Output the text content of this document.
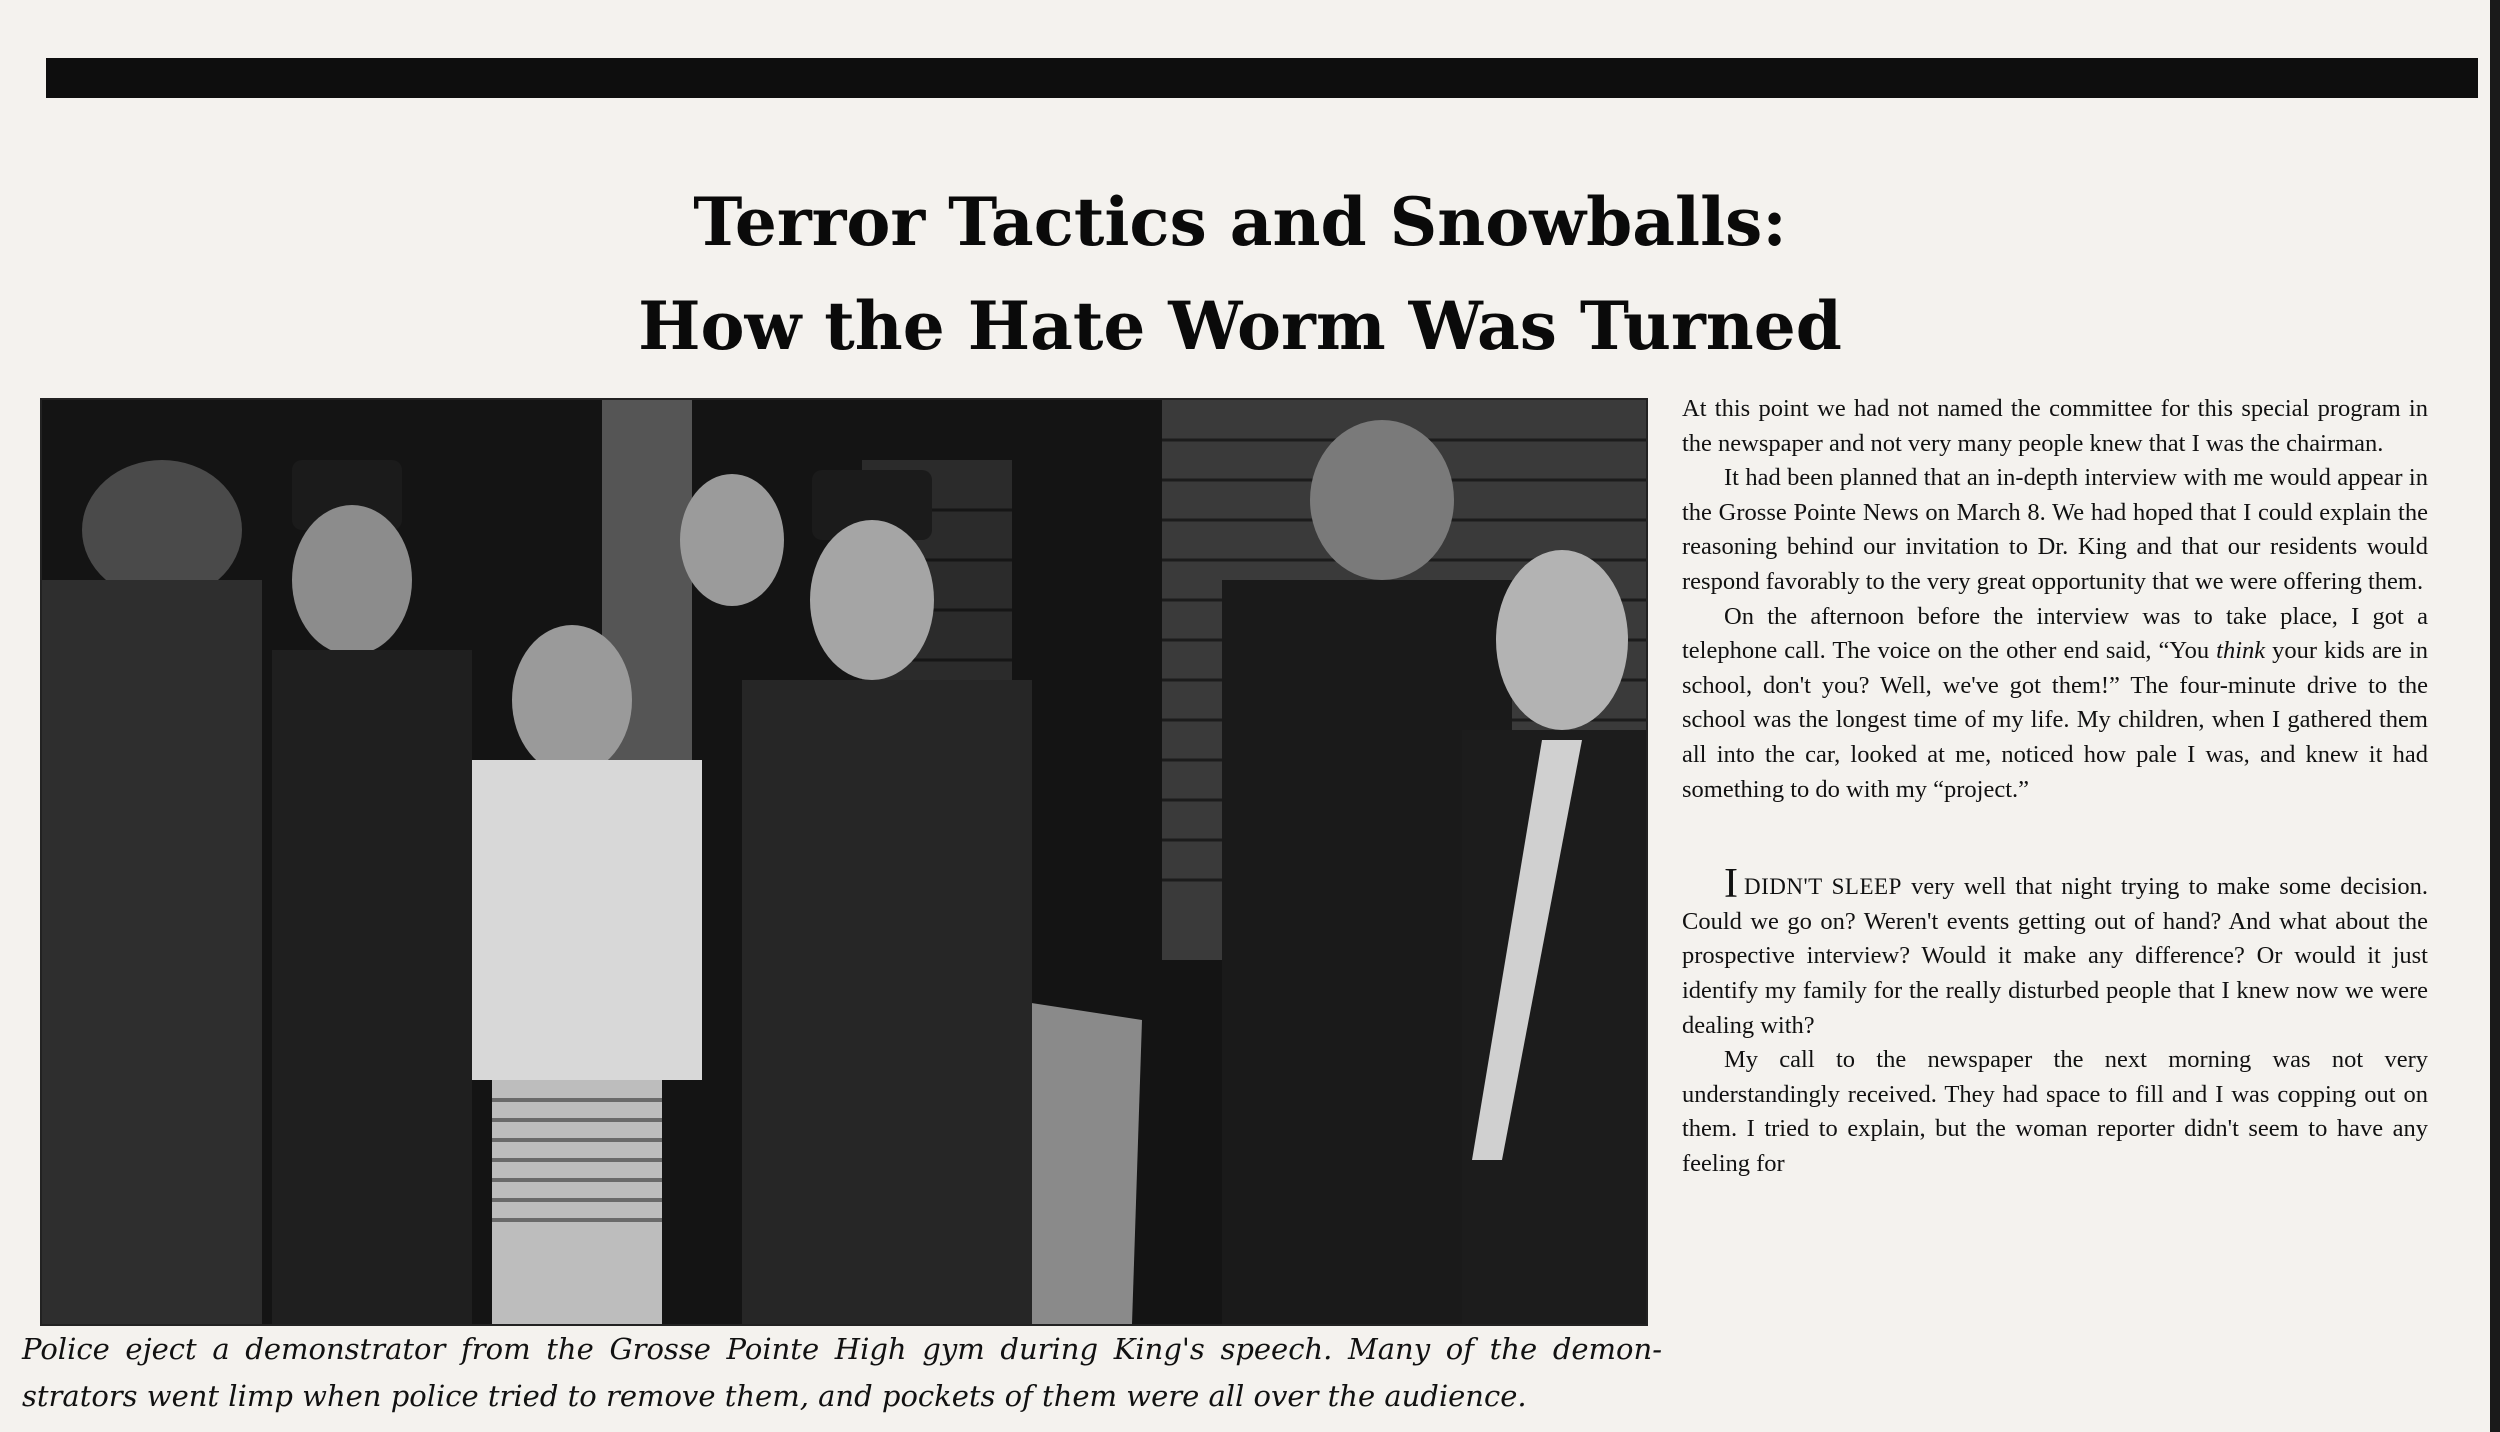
Terror Tactics and Snowballs:
How the Hate Worm Was Turned
Police eject a demonstrator from the Grosse Pointe High gym during King's speech. Many of the demon-
strators went limp when police tried to remove them, and pockets of them were all over the audience.

At this point we had not named the committee for this special program in the newspaper and not very many people knew that I was the chairman.

It had been planned that an in-depth interview with me would appear in the Grosse Pointe News on March 8. We had hoped that I could explain the reasoning behind our invitation to Dr. King and that our residents would respond favorably to the very great opportunity that we were offering them.

On the afternoon before the interview was to take place, I got a telephone call. The voice on the other end said, “You think your kids are in school, don't you? Well, we've got them!” The four-minute drive to the school was the longest time of my life. My children, when I gathered them all into the car, looked at me, noticed how pale I was, and knew it had something to do with my “project.”

IDIDN'T SLEEP very well that night trying to make some decision. Could we go on? Weren't events getting out of hand? And what about the prospective interview? Would it make any difference? Or would it just identify my family for the really disturbed people that I knew now we were dealing with?

My call to the newspaper the next morning was not very understandingly received. They had space to fill and I was copping out on them. I tried to explain, but the woman reporter didn't seem to have any feeling for
